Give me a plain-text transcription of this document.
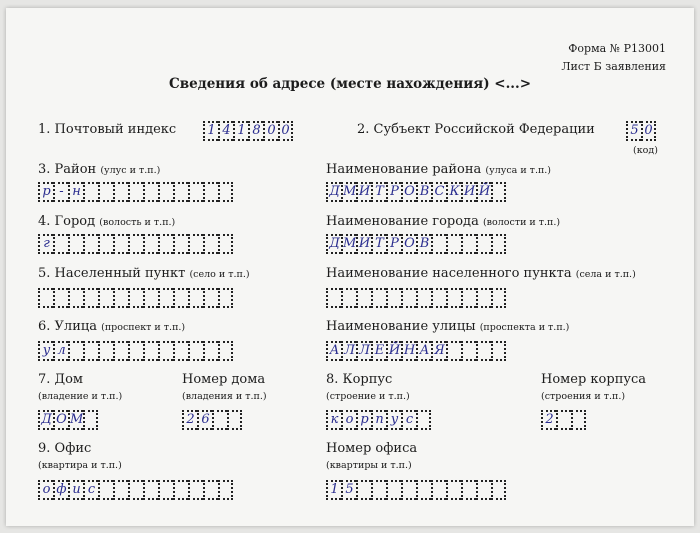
Форма № Р13001
Лист Б заявления
Сведения об адресе (месте нахождения) <...>
1. Почтовый индекс	1 4 1 8 0 0	2. Субъект Российской Федерации	5 0
(код)
3. Район (улус и т.п.)
р - н
Наименование района (улуса и т.п.)
Д М И Т Р О В С К И Й
4. Город (волость и т.п.)
г
Наименование города (волости и т.п.)
Д М И Т Р О В
5. Населенный пункт (село и т.п.)	Наименование населенного пункта (села и т.п.)
6. Улица (проспект и т.п.)
у л
Наименование улицы (проспекта и т.п.)
А Л Л Е Й Н А Я
7. Дом
(владение и т.п.)
Д О М
Номер дома
(владения и т.п.)
2 6
8. Корпус
(строение и т.п.)
к о р п у с
Номер корпуса
(строения и т.п.)
2
9. Офис
(квартира и т.п.)
о ф и с
Номер офиса
(квартиры и т.п.)
1 5
